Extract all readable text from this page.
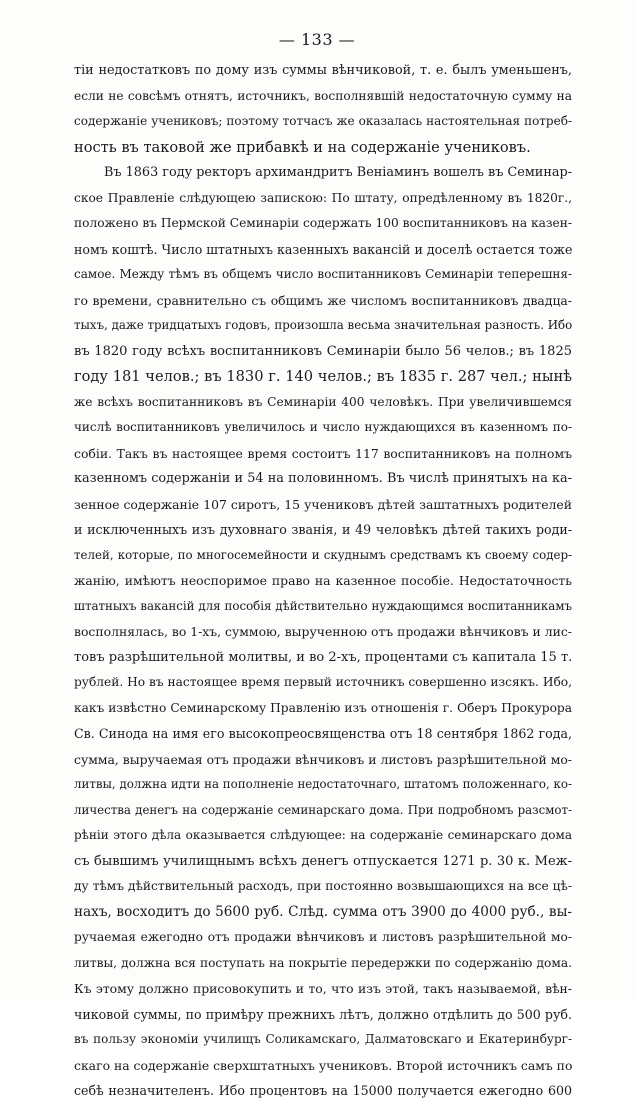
— 133 —
тіи недостатковъ по дому изъ суммы вѣнчиковой, т. е. былъ уменьшенъ,
если не совсѣмъ отнятъ, источникъ, восполнявшій недостаточную сумму на
содержаніе учениковъ; поэтому тотчасъ же оказалась настоятельная потреб-
ность въ таковой же прибавкѣ и на содержаніе учениковъ.
Въ 1863 году ректоръ архимандритъ Веніаминъ вошелъ въ Семинар-
ское Правленіе слѣдующею запискою: По штату, опредѣленному въ 1820г.,
положено въ Пермской Семинаріи содержать 100 воспитанниковъ на казен-
номъ коштѣ. Число штатныхъ казенныхъ вакансій и доселѣ остается тоже
самое. Между тѣмъ въ общемъ число воспитанниковъ Семинаріи теперешня-
го времени, сравнительно съ общимъ же числомъ воспитанниковъ двадца-
тыхъ, даже тридцатыхъ годовъ, произошла весьма значительная разность. Ибо
въ 1820 году всѣхъ воспитанниковъ Семинаріи было 56 челов.; въ 1825
году 181 челов.; въ 1830 г. 140 челов.; въ 1835 г. 287 чел.; нынѣ
же всѣхъ воспитанниковъ въ Семинаріи 400 человѣкъ. При увеличившемся
числѣ воспитанниковъ увеличилось и число нуждающихся въ казенномъ по-
собіи. Такъ въ настоящее время состоитъ 117 воспитанниковъ на полномъ
казенномъ содержаніи и 54 на половинномъ. Въ числѣ принятыхъ на ка-
зенное содержаніе 107 сиротъ, 15 учениковъ дѣтей заштатныхъ родителей
и исключенныхъ изъ духовнаго званія, и 49 человѣкъ дѣтей такихъ роди-
телей, которые, по многосемейности и скуднымъ средствамъ къ своему содер-
жанію, имѣютъ неоспоримое право на казенное пособіе. Недостаточность
штатныхъ вакансій для пособія дѣйствительно нуждающимся воспитанникамъ
восполнялась, во 1-хъ, суммою, вырученною отъ продажи вѣнчиковъ и лис-
товъ разрѣшительной молитвы, и во 2-хъ, процентами съ капитала 15 т.
рублей. Но въ настоящее время первый источникъ совершенно изсякъ. Ибо,
какъ извѣстно Семинарскому Правленію изъ отношенія г. Оберъ Прокурора
Св. Синода на имя его высокопреосвященства отъ 18 сентября 1862 года,
сумма, выручаемая отъ продажи вѣнчиковъ и листовъ разрѣшительной мо-
литвы, должна идти на пополненіе недостаточнаго, штатомъ положеннаго, ко-
личества денегъ на содержаніе семинарскаго дома. При подробномъ разсмот-
рѣніи этого дѣла оказывается слѣдующее: на содержаніе семинарскаго дома
съ бывшимъ училищнымъ всѣхъ денегъ отпускается 1271 р. 30 к. Меж-
ду тѣмъ дѣйствительный расходъ, при постоянно возвышающихся на все цѣ-
нахъ, восходитъ до 5600 руб. Слѣд. сумма отъ 3900 до 4000 руб., вы-
ручаемая ежегодно отъ продажи вѣнчиковъ и листовъ разрѣшительной мо-
литвы, должна вся поступать на покрытіе передержки по содержанію дома.
Къ этому должно присовокупить и то, что изъ этой, такъ называемой, вѣн-
чиковой суммы, по примѣру прежнихъ лѣтъ, должно отдѣлить до 500 руб.
въ пользу экономіи училищъ Соликамскаго, Далматовскаго и Екатеринбург-
скаго на содержаніе сверхштатныхъ учениковъ. Второй источникъ самъ по
себѣ незначителенъ. Ибо процентовъ на 15000 получается ежегодно 600
